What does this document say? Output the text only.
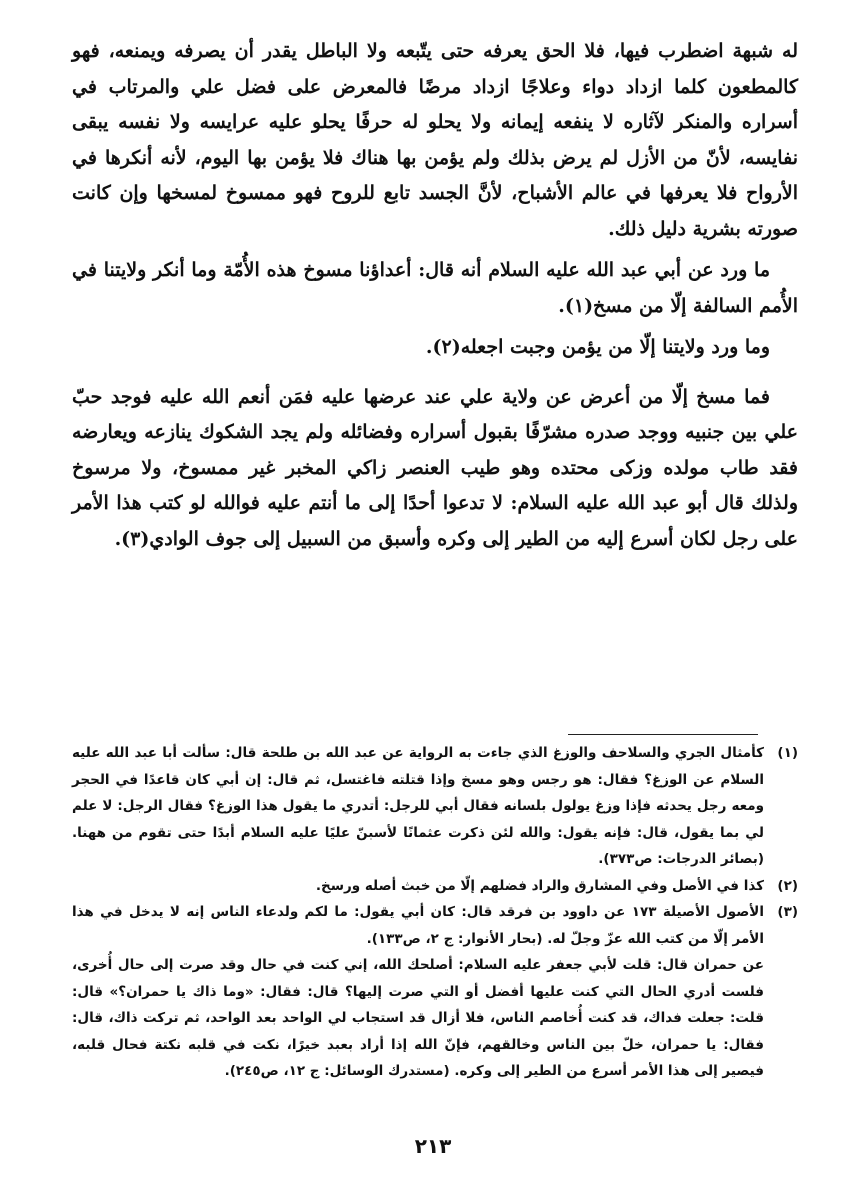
له شبهة اضطرب فيها، فلا الحق يعرفه حتى يتّبعه ولا الباطل يقدر أن يصرفه ويمنعه، فهو كالمطعون كلما ازداد دواء وعلاجًا ازداد مرضًا فالمعرض على فضل علي والمرتاب في أسراره والمنكر لآثاره لا ينفعه إيمانه ولا يحلو له حرفًا يحلو عليه عرايسه ولا نفسه يبقى نفايسه، لأنّ من الأزل لم يرض بذلك ولم يؤمن بها هناك فلا يؤمن بها اليوم، لأنه أنكرها في الأرواح فلا يعرفها في عالم الأشباح، لأنَّ الجسد تابع للروح فهو ممسوخ لمسخها وإن كانت صورته بشرية دليل ذلك.

ما ورد عن أبي عبد الله عليه السلام أنه قال: أعداؤنا مسوخ هذه الأُمّة وما أنكر ولايتنا في الأُمم السالفة إلّا من مسخ(١).

وما ورد ولايتنا إلّا من يؤمن وجبت اجعله(٢).

فما مسخ إلّا من أعرض عن ولاية علي عند عرضها عليه فمَن أنعم الله عليه فوجد حبّ علي بين جنبيه ووجد صدره مشرّفًا بقبول أسراره وفضائله ولم يجد الشكوك ينازعه ويعارضه فقد طاب مولده وزكى محتده وهو طيب العنصر زاكي المخبر غير ممسوخ، ولا مرسوخ ولذلك قال أبو عبد الله عليه السلام: لا تدعوا أحدًا إلى ما أنتم عليه فوالله لو كتب هذا الأمر على رجل لكان أسرع إليه من الطير إلى وكره وأسبق من السبيل إلى جوف الوادي(٣).

(١)
كأمثال الجري والسلاحف والوزغ الذي جاءت به الرواية عن عبد الله بن طلحة قال: سألت أبا عبد الله عليه السلام عن الوزغ؟ فقال: هو رجس وهو مسخ وإذا قتلته فاغتسل، ثم قال: إن أبي كان قاعدًا في الحجر ومعه رجل يحدثه فإذا وزغ يولول بلسانه فقال أبي للرجل: أتدري ما يقول هذا الوزغ؟ فقال الرجل: لا علم لي بما يقول، قال: فإنه يقول: والله لئن ذكرت عثمانًا لأسبنّ عليًا عليه السلام أبدًا حتى تقوم من ههنا. (بصائر الدرجات: ص٣٧٣).
(٢)
كذا في الأصل وفي المشارق والراد فضلهم إلّا من خبث أصله ورسخ.
(٣)
الأصول الأصيلة ١٧٣ عن داوود بن فرقد قال: كان أبي يقول: ما لكم ولدعاء الناس إنه لا يدخل في هذا الأمر إلّا من كتب الله عزّ وجلّ له. (بحار الأنوار: ج ٢، ص١٣٣).
عن حمران قال: قلت لأبي جعفر عليه السلام: أصلحك الله، إني كنت في حال وقد صرت إلى حال أُخرى، فلست أدري الحال التي كنت عليها أفضل أو التي صرت إليها؟ قال: فقال: «وما ذاك يا حمران؟» قال: قلت: جعلت فداك، قد كنت أُخاصم الناس، فلا أزال قد استجاب لي الواحد بعد الواحد، ثم تركت ذاك، قال: فقال: يا حمران، خلّ بين الناس وخالقهم، فإنّ الله إذا أراد بعبد خيرًا، نكت في قلبه نكتة فحال قلبه، فيصير إلى هذا الأمر أسرع من الطير إلى وكره. (مستدرك الوسائل: ج ١٢، ص٢٤٥).
٢١٣
